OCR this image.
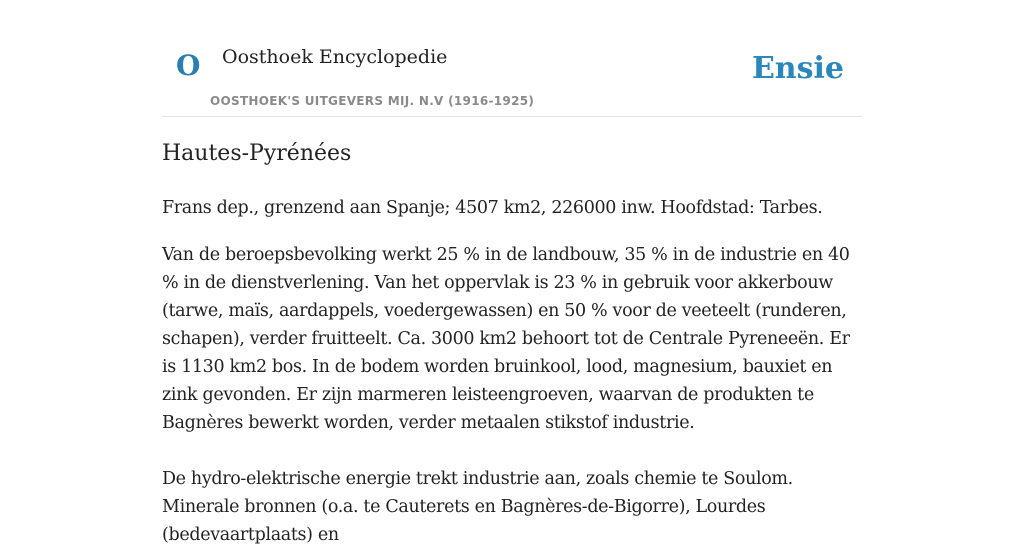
O Oosthoek Encyclopedie
OOSTHOEK'S UITGEVERS MIJ. N.V (1916-1925)
Ensie
Hautes-Pyrénées

Frans dep., grenzend aan Spanje; 4507 km2, 226000 inw. Hoofdstad: Tarbes.

Van de beroepsbevolking werkt 25 % in de landbouw, 35 % in de industrie en 40 % in de dienstverlening. Van het oppervlak is 23 % in gebruik voor akkerbouw (tarwe, maïs, aardappels, voedergewassen) en 50 % voor de veeteelt (runderen, schapen), verder fruitteelt. Ca. 3000 km2 behoort tot de Centrale Pyreneeën. Er is 1130 km2 bos. In de bodem worden bruinkool, lood, magnesium, bauxiet en zink gevonden. Er zijn marmeren leisteengroeven, waarvan de produkten te Bagnères bewerkt worden, verder metaalen stikstof industrie.

De hydro-elektrische energie trekt industrie aan, zoals chemie te Soulom. Minerale bronnen (o.a. te Cauterets en Bagnères-de-Bigorre), Lourdes (bedevaartplaats) en
